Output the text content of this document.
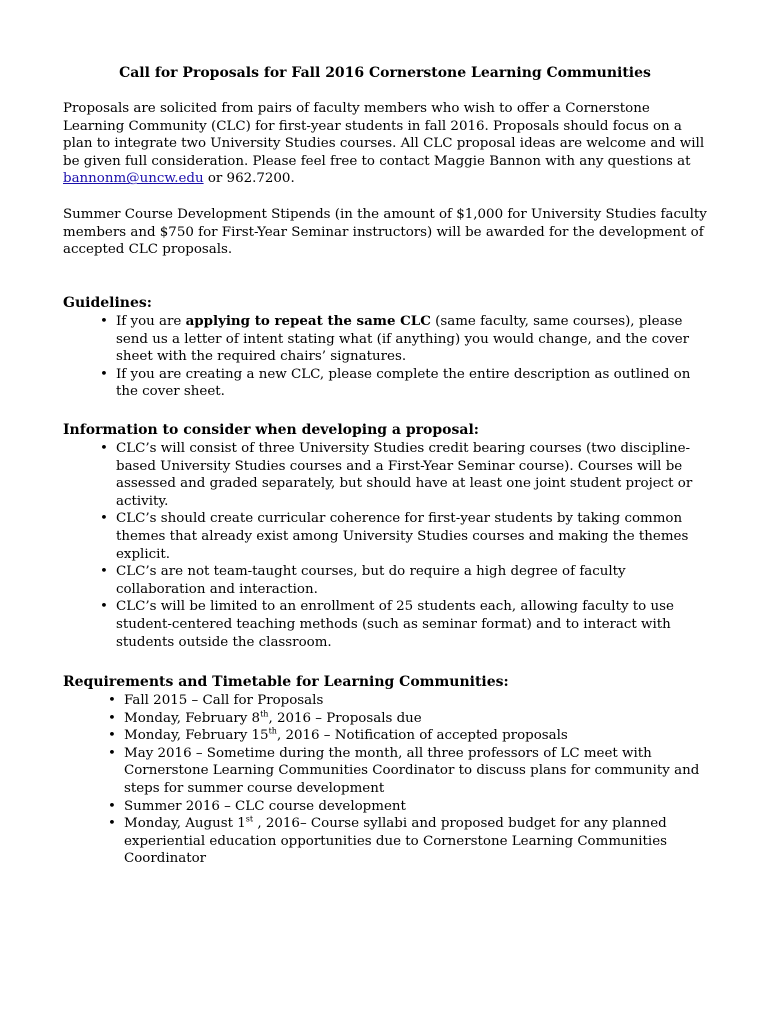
Call for Proposals for Fall 2016 Cornerstone Learning Communities
Proposals are solicited from pairs of faculty members who wish to offer a Cornerstone Learning Community (CLC) for first-year students in fall 2016. Proposals should focus on a plan to integrate two University Studies courses. All CLC proposal ideas are welcome and will be given full consideration. Please feel free to contact Maggie Bannon with any questions at bannonm@uncw.edu or 962.7200.
Summer Course Development Stipends (in the amount of $1,000 for University Studies faculty members and $750 for First-Year Seminar instructors) will be awarded for the development of accepted CLC proposals.
Guidelines:
• If you are applying to repeat the same CLC (same faculty, same courses), please send us a letter of intent stating what (if anything) you would change, and the cover sheet with the required chairs’ signatures.
• If you are creating a new CLC, please complete the entire description as outlined on the cover sheet.
Information to consider when developing a proposal:
• CLC’s will consist of three University Studies credit bearing courses (two discipline-based University Studies courses and a First-Year Seminar course). Courses will be assessed and graded separately, but should have at least one joint student project or activity.
• CLC’s should create curricular coherence for first-year students by taking common themes that already exist among University Studies courses and making the themes explicit.
• CLC’s are not team-taught courses, but do require a high degree of faculty collaboration and interaction.
• CLC’s will be limited to an enrollment of 25 students each, allowing faculty to use student-centered teaching methods (such as seminar format) and to interact with students outside the classroom.
Requirements and Timetable for Learning Communities:
• Fall 2015 – Call for Proposals
• Monday, February 8th, 2016 – Proposals due
• Monday, February 15th, 2016 – Notification of accepted proposals
• May 2016 – Sometime during the month, all three professors of LC meet with Cornerstone Learning Communities Coordinator to discuss plans for community and steps for summer course development
• Summer 2016 – CLC course development
• Monday, August 1st , 2016– Course syllabi and proposed budget for any planned experiential education opportunities due to Cornerstone Learning Communities Coordinator
